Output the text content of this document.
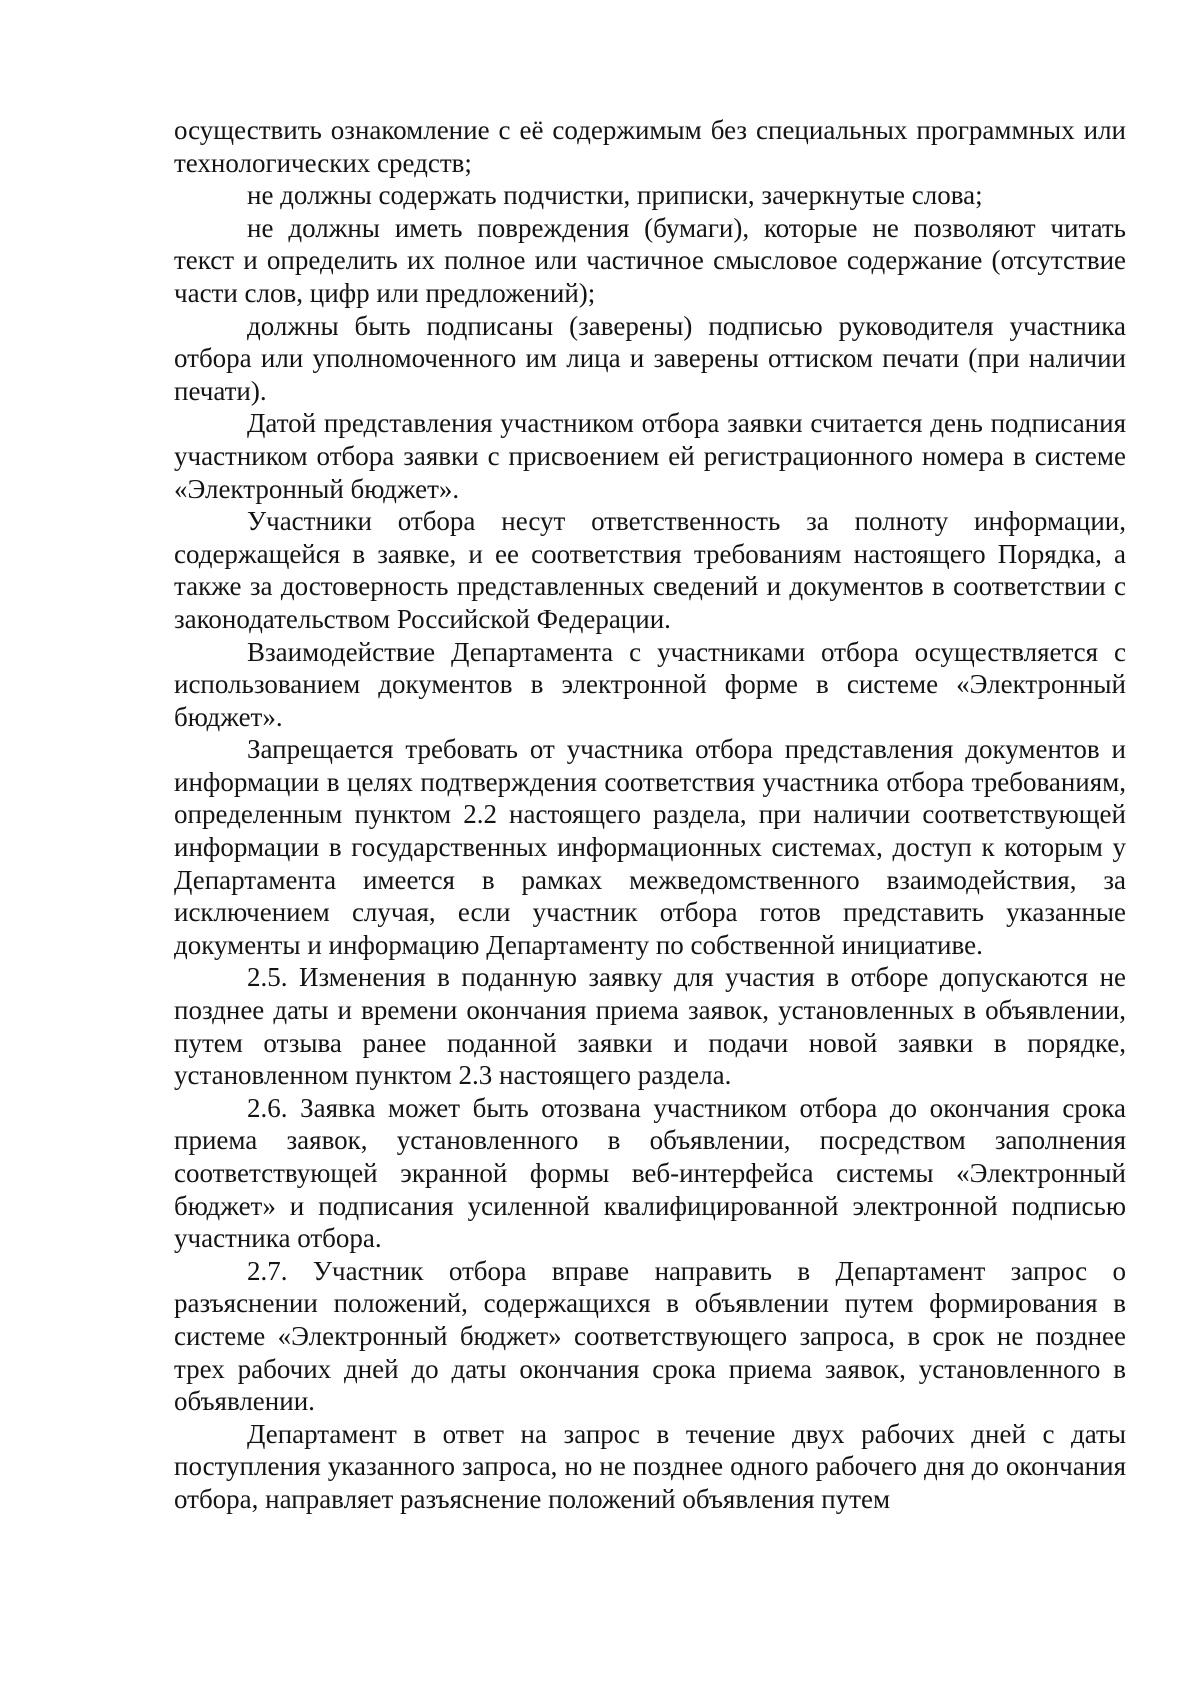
осуществить ознакомление с её содержимым без специальных программных или технологических средств;

не должны содержать подчистки, приписки, зачеркнутые слова;

не должны иметь повреждения (бумаги), которые не позволяют читать текст и определить их полное или частичное смысловое содержание (отсутствие части слов, цифр или предложений);

должны быть подписаны (заверены) подписью руководителя участника отбора или уполномоченного им лица и заверены оттиском печати (при наличии печати).

Датой представления участником отбора заявки считается день подписания участником отбора заявки с присвоением ей регистрационного номера в системе «Электронный бюджет».

Участники отбора несут ответственность за полноту информации, содержащейся в заявке, и ее соответствия требованиям настоящего Порядка, а также за достоверность представленных сведений и документов в соответствии с законодательством Российской Федерации.

Взаимодействие Департамента с участниками отбора осуществляется с использованием документов в электронной форме в системе «Электронный бюджет».

Запрещается требовать от участника отбора представления документов и информации в целях подтверждения соответствия участника отбора требованиям, определенным пунктом 2.2 настоящего раздела, при наличии соответствующей информации в государственных информационных системах, доступ к которым у Департамента имеется в рамках межведомственного взаимодействия, за исключением случая, если участник отбора готов представить указанные документы и информацию Департаменту по собственной инициативе.

2.5. Изменения в поданную заявку для участия в отборе допускаются не позднее даты и времени окончания приема заявок, установленных в объявлении, путем отзыва ранее поданной заявки и подачи новой заявки в порядке, установленном пунктом 2.3 настоящего раздела.

2.6. Заявка может быть отозвана участником отбора до окончания срока приема заявок, установленного в объявлении, посредством заполнения соответствующей экранной формы веб-интерфейса системы «Электронный бюджет» и подписания усиленной квалифицированной электронной подписью участника отбора.

2.7. Участник отбора вправе направить в Департамент запрос о разъяснении положений, содержащихся в объявлении путем формирования в системе «Электронный бюджет» соответствующего запроса, в срок не позднее трех рабочих дней до даты окончания срока приема заявок, установленного в объявлении.

Департамент в ответ на запрос в течение двух рабочих дней с даты поступления указанного запроса, но не позднее одного рабочего дня до окончания отбора, направляет разъяснение положений объявления путем
